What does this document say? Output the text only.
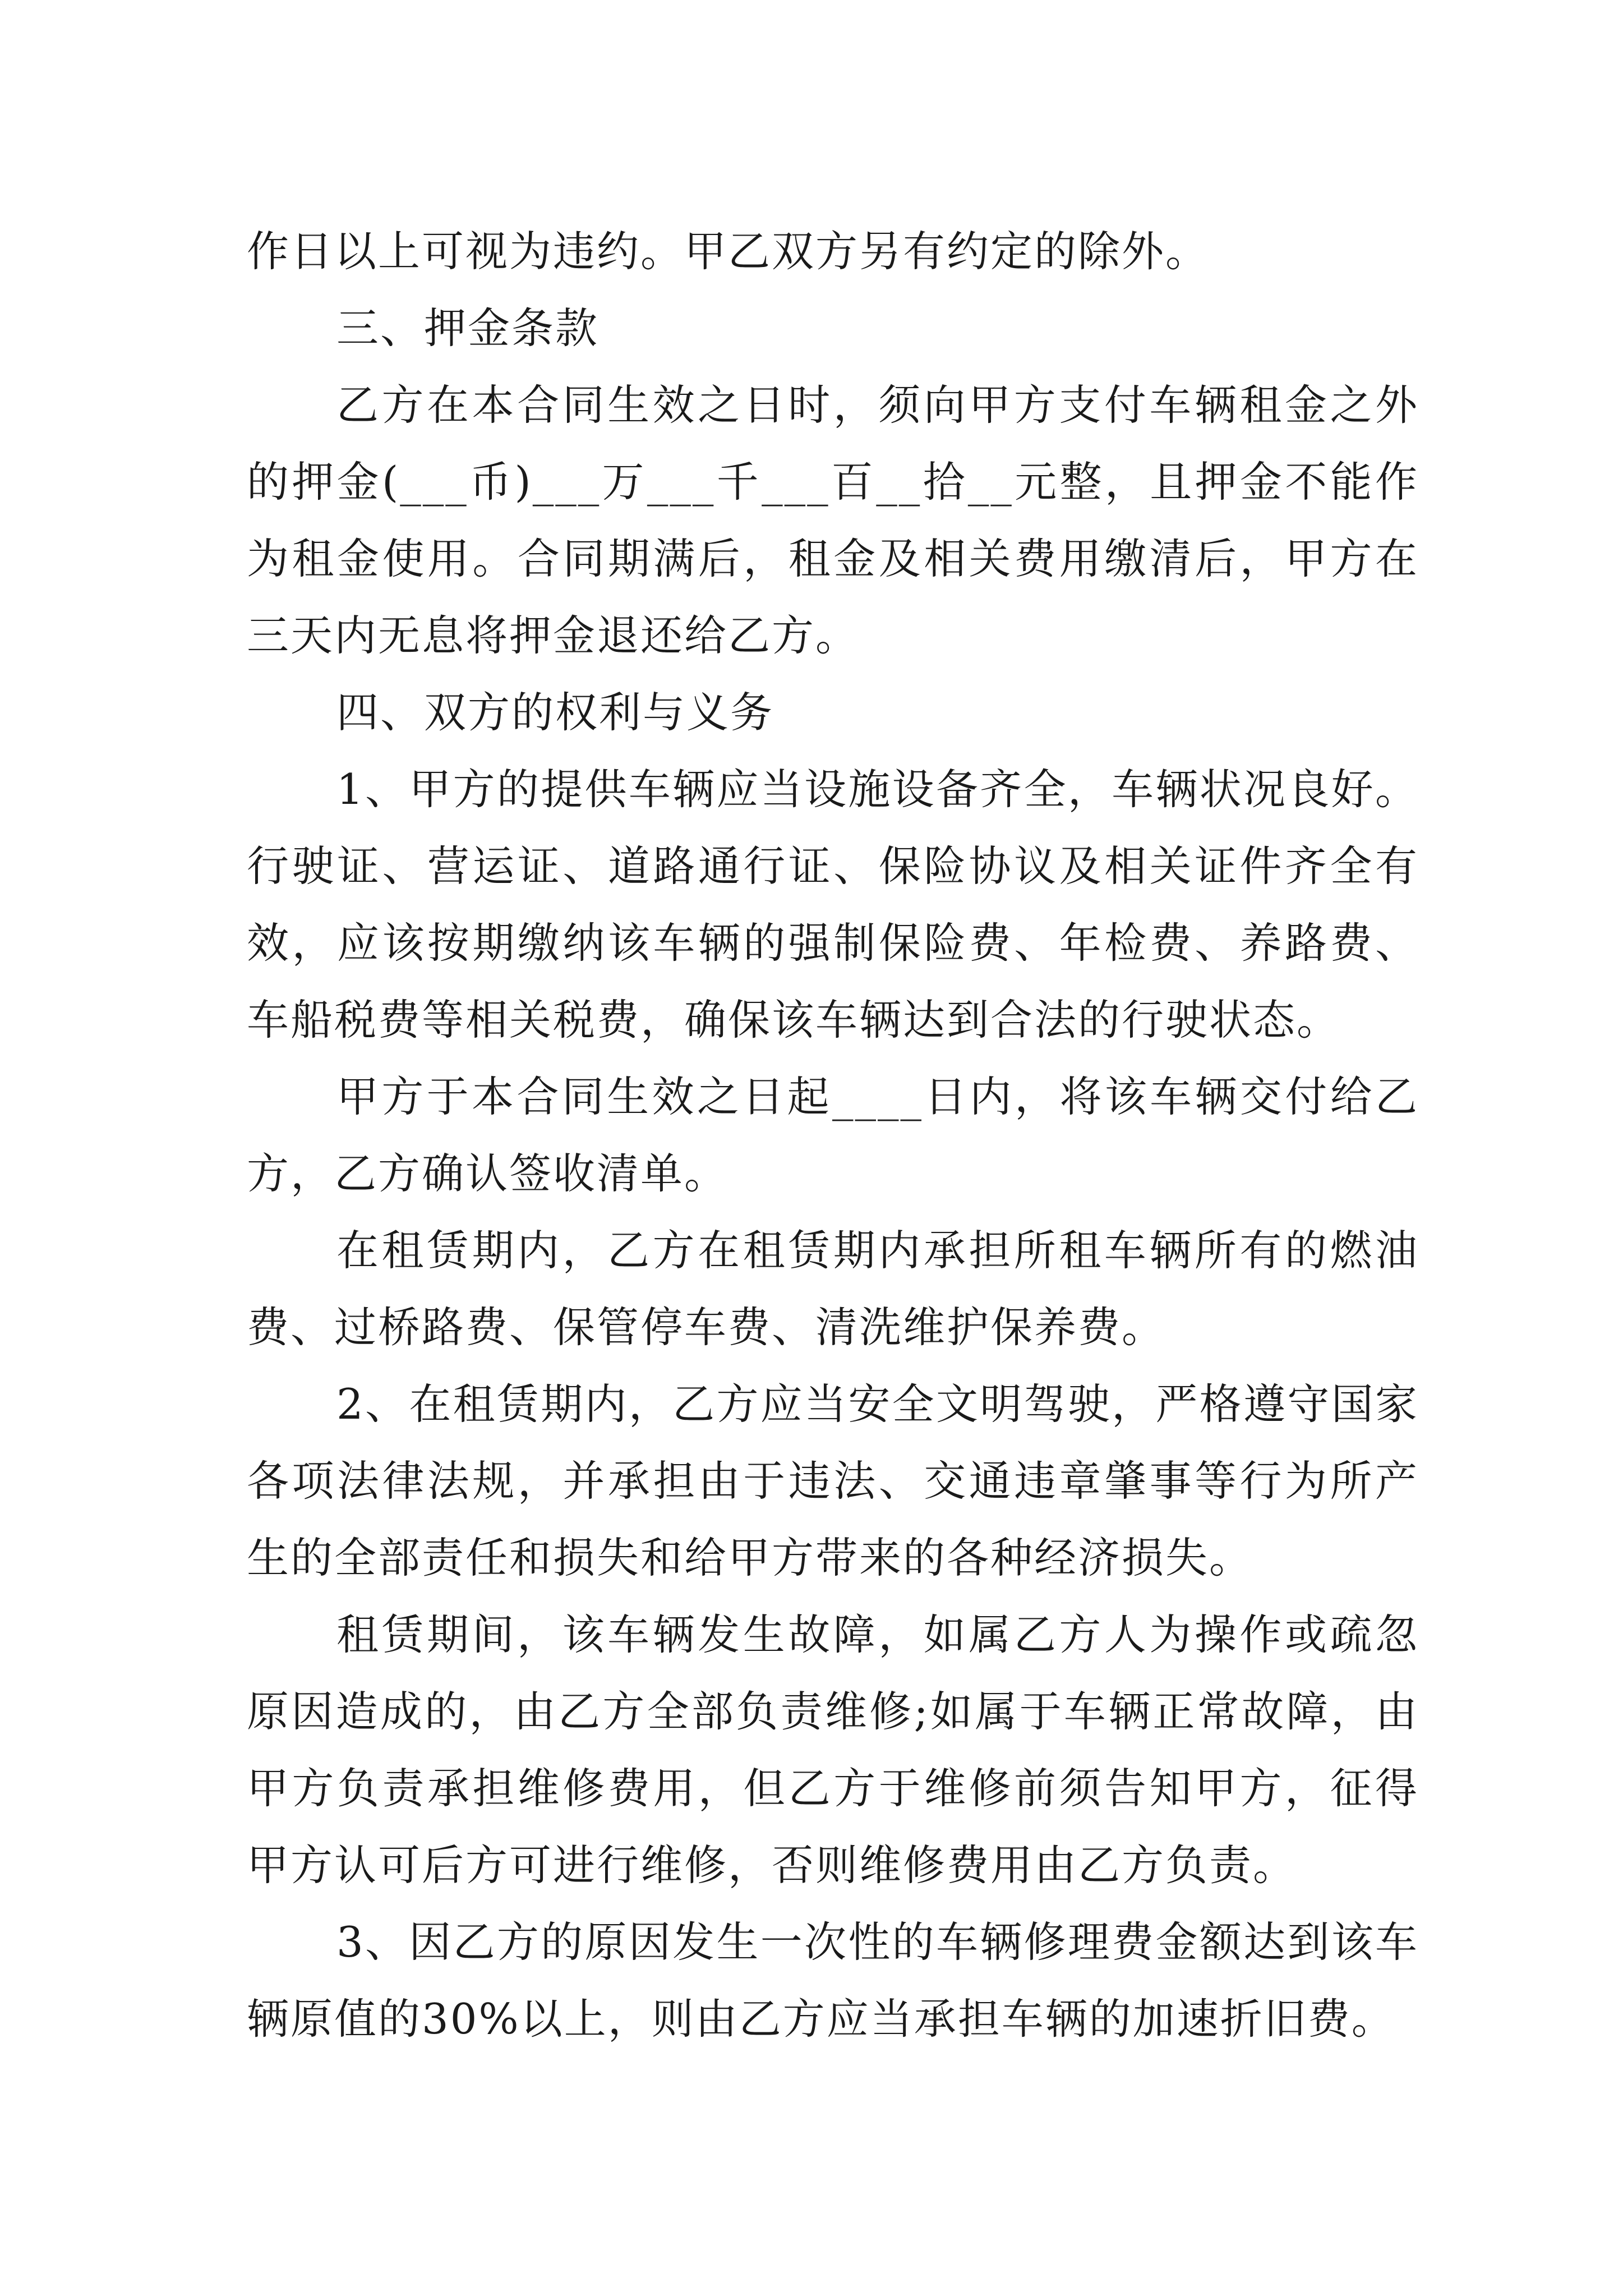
作日以上可视为违约。甲乙双方另有约定的除外。

三、押金条款

乙方在本合同生效之日时，须向甲方支付车辆租金之外的押金(___币)___万___千___百__拾__元整，且押金不能作为租金使用。合同期满后，租金及相关费用缴清后，甲方在三天内无息将押金退还给乙方。

四、双方的权利与义务

1、甲方的提供车辆应当设施设备齐全，车辆状况良好。行驶证、营运证、道路通行证、保险协议及相关证件齐全有效，应该按期缴纳该车辆的强制保险费、年检费、养路费、车船税费等相关税费，确保该车辆达到合法的行驶状态。

甲方于本合同生效之日起____日内，将该车辆交付给乙方，乙方确认签收清单。

在租赁期内，乙方在租赁期内承担所租车辆所有的燃油费、过桥路费、保管停车费、清洗维护保养费。

2、在租赁期内，乙方应当安全文明驾驶，严格遵守国家各项法律法规，并承担由于违法、交通违章肇事等行为所产生的全部责任和损失和给甲方带来的各种经济损失。

租赁期间，该车辆发生故障，如属乙方人为操作或疏忽原因造成的，由乙方全部负责维修;如属于车辆正常故障，由甲方负责承担维修费用，但乙方于维修前须告知甲方，征得甲方认可后方可进行维修，否则维修费用由乙方负责。

3、因乙方的原因发生一次性的车辆修理费金额达到该车辆原值的30%以上，则由乙方应当承担车辆的加速折旧费。
